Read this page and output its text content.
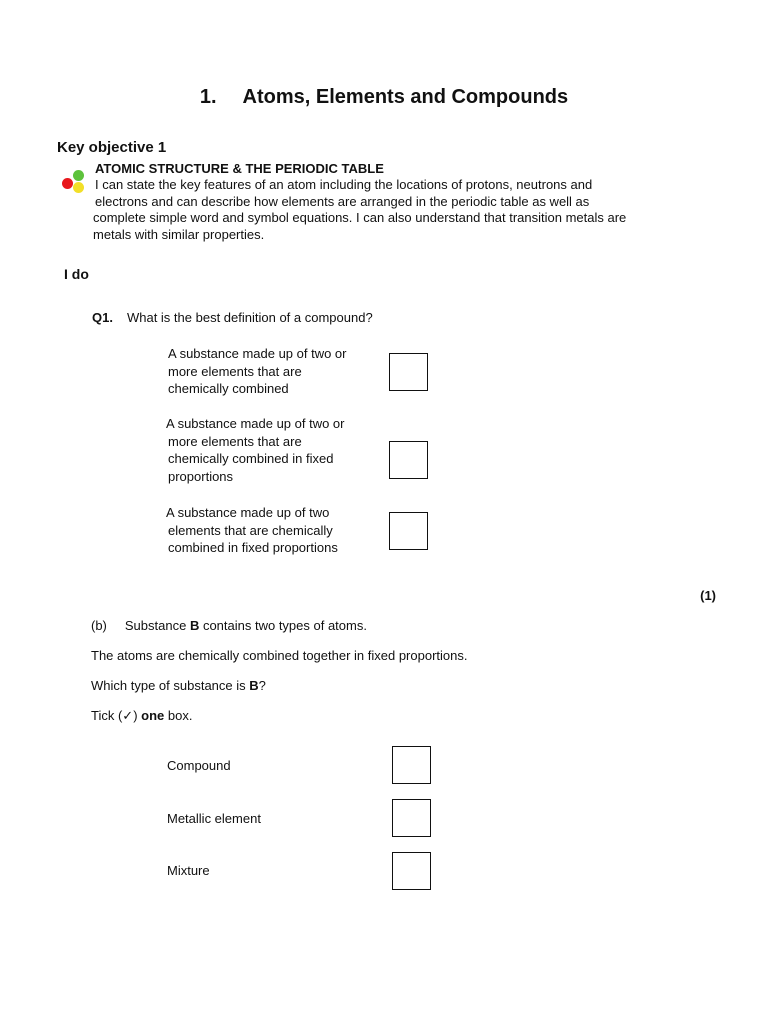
1. Atoms, Elements and Compounds
Key objective 1
ATOMIC STRUCTURE & THE PERIODIC TABLE
I can state the key features of an atom including the locations of protons, neutrons and
electrons and can describe how elements are arranged in the periodic table as well as
complete simple word and symbol equations. I can also understand that transition metals are
metals with similar properties.
I do
Q1. What is the best definition of a compound?
A substance made up of two or
more elements that are
chemically combined
A substance made up of two or
more elements that are
chemically combined in fixed
proportions
A substance made up of two
elements that are chemically
combined in fixed proportions
(1)
(b) Substance B contains two types of atoms.
The atoms are chemically combined together in fixed proportions.
Which type of substance is B?
Tick (✓) one box.
Compound
Metallic element
Mixture
